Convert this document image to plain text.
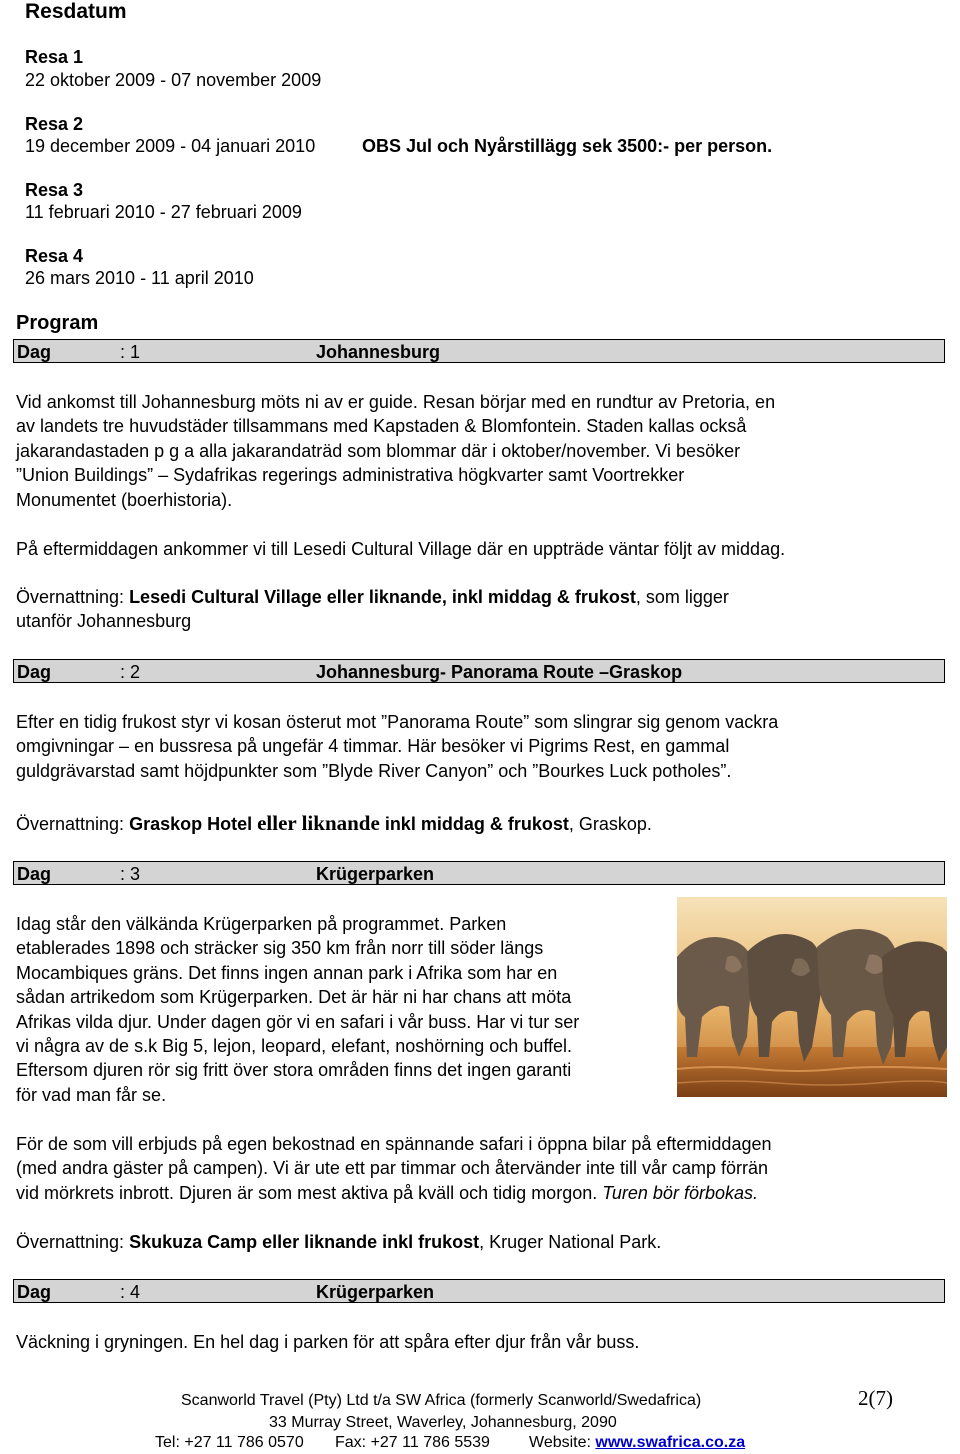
Resdatum
Resa 1
22 oktober 2009 - 07 november 2009
Resa 2
19 december 2009 - 04 januari 2010	OBS Jul och Nyårstillägg sek 3500:- per person.
Resa 3
11 februari 2010 - 27 februari 2009
Resa 4
26 mars 2010 - 11 april 2010
Program
Dag	: 1	Johannesburg
Vid ankomst till Johannesburg möts ni av er guide. Resan börjar med en rundtur av Pretoria, en
av landets tre huvudstäder tillsammans med Kapstaden & Blomfontein. Staden kallas också
jakarandastaden p g a alla jakarandaträd som blommar där i oktober/november. Vi besöker
”Union Buildings” – Sydafrikas regerings administrativa högkvarter samt Voortrekker
Monumentet (boerhistoria).
På eftermiddagen ankommer vi till Lesedi Cultural Village där en uppträde väntar följt av middag.
Övernattning: Lesedi Cultural Village eller liknande, inkl middag & frukost, som ligger
utanför Johannesburg
Dag	: 2	Johannesburg- Panorama Route –Graskop
Efter en tidig frukost styr vi kosan österut mot ”Panorama Route” som slingrar sig genom vackra
omgivningar – en bussresa på ungefär 4 timmar. Här besöker vi Pigrims Rest, en gammal
guldgrävarstad samt höjdpunkter som ”Blyde River Canyon” och ”Bourkes Luck potholes”.
Övernattning: Graskop Hotel eller liknande inkl middag & frukost, Graskop.
Dag	: 3	Krügerparken
Idag står den välkända Krügerparken på programmet. Parken
etablerades 1898 och sträcker sig 350 km från norr till söder längs
Mocambiques gräns. Det finns ingen annan park i Afrika som har en
sådan artrikedom som Krügerparken. Det är här ni har chans att möta
Afrikas vilda djur. Under dagen gör vi en safari i vår buss. Har vi tur ser
vi några av de s.k Big 5, lejon, leopard, elefant, noshörning och buffel.
Eftersom djuren rör sig fritt över stora områden finns det ingen garanti
för vad man får se.
För de som vill erbjuds på egen bekostnad en spännande safari i öppna bilar på eftermiddagen
(med andra gäster på campen). Vi är ute ett par timmar och återvänder inte till vår camp förrän
vid mörkrets inbrott. Djuren är som mest aktiva på kväll och tidig morgon. Turen bör förbokas.
Övernattning: Skukuza Camp eller liknande inkl frukost, Kruger National Park.
Dag	: 4	Krügerparken
Väckning i gryningen. En hel dag i parken för att spåra efter djur från vår buss.
Scanworld Travel (Pty) Ltd t/a SW Africa (formerly Scanworld/Swedafrica)
33 Murray Street, Waverley, Johannesburg, 2090
Tel: +27 11 786 0570 Fax: +27 11 786 5539 Website: www.swafrica.co.za
2(7)
